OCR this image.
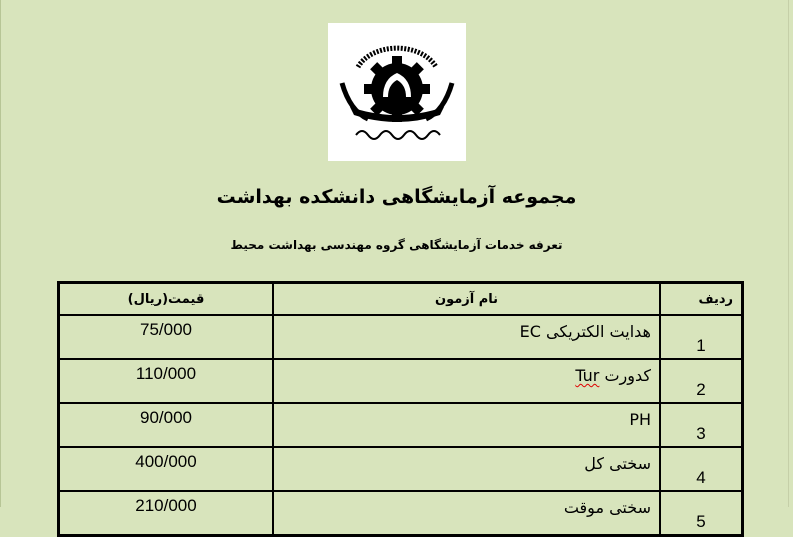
مجموعه آزمایشگاهی دانشکده بهداشت
تعرفه خدمات آزمایشگاهی گروه مهندسی بهداشت محیط
ردیف	نام آزمون	قیمت(ریال)
1	هدایت الکتریکی EC	75/000
2	کدورت Tur	110/000
3	PH	90/000
4	سختی کل	400/000
5	سختی موقت	210/000
